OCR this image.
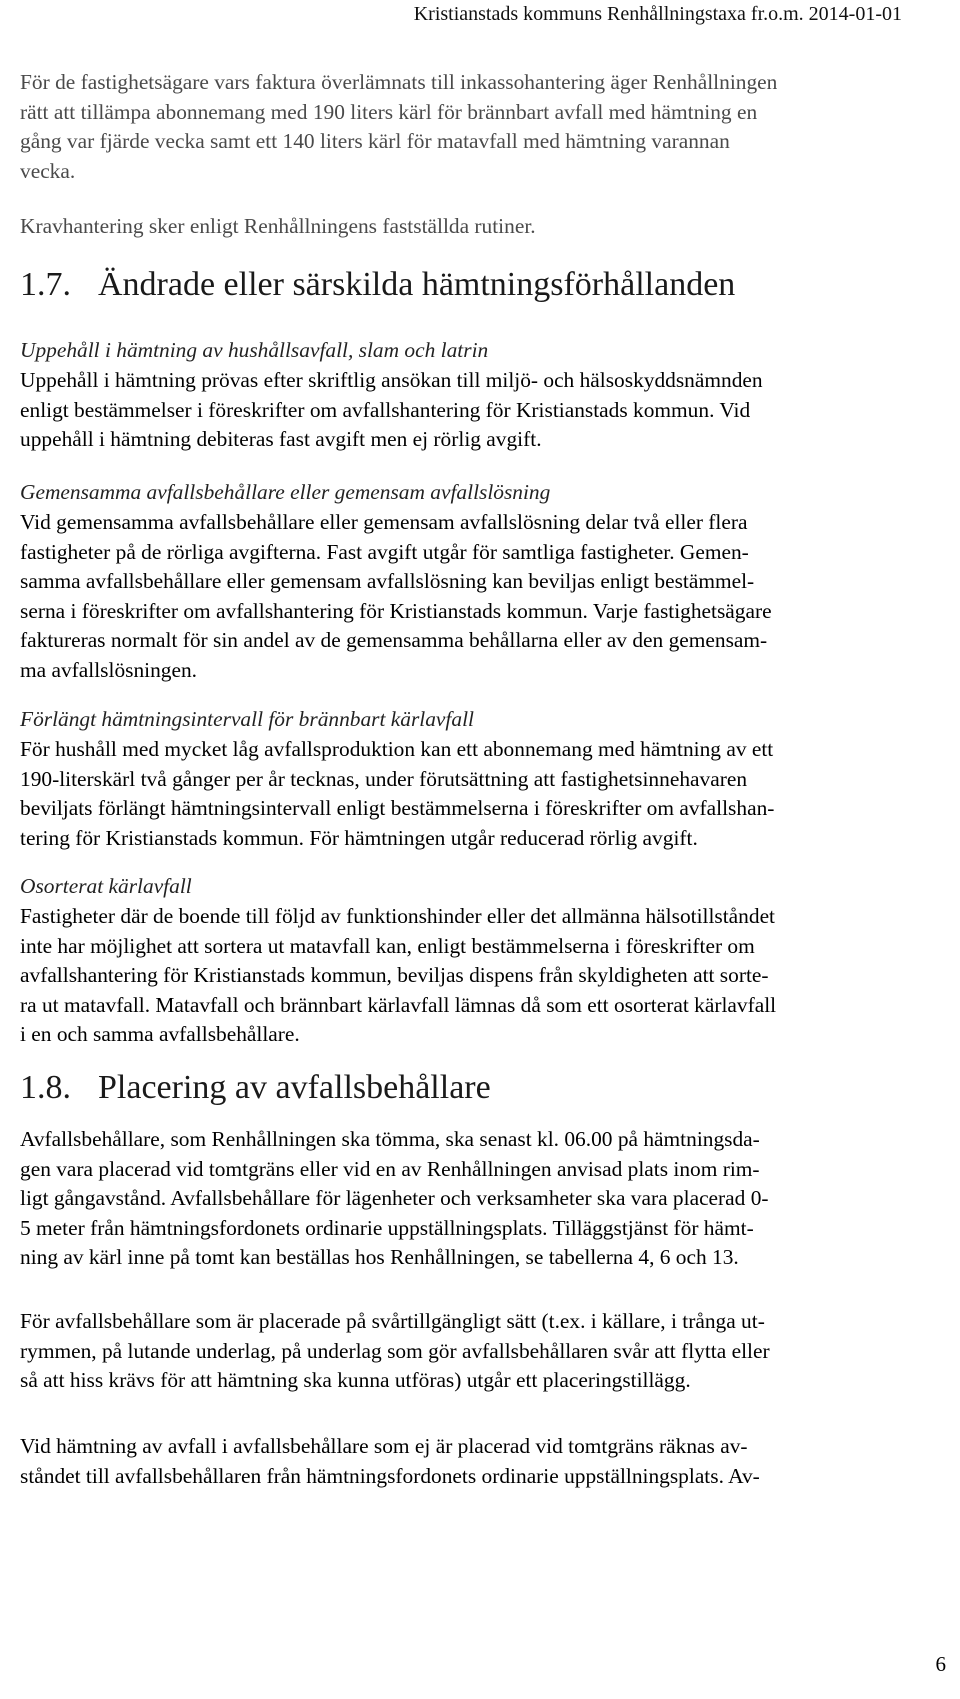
Kristianstads kommuns Renhållningstaxa fr.o.m. 2014-01-01
För de fastighetsägare vars faktura överlämnats till inkassohantering äger Renhållningen
rätt att tillämpa abonnemang med 190 liters kärl för brännbart avfall med hämtning en
gång var fjärde vecka samt ett 140 liters kärl för matavfall med hämtning varannan
vecka.
Kravhantering sker enligt Renhållningens fastställda rutiner.
1.7. Ändrade eller särskilda hämtningsförhållanden
Uppehåll i hämtning av hushållsavfall, slam och latrin
Uppehåll i hämtning prövas efter skriftlig ansökan till miljö- och hälsoskyddsnämnden
enligt bestämmelser i föreskrifter om avfallshantering för Kristianstads kommun. Vid
uppehåll i hämtning debiteras fast avgift men ej rörlig avgift.
Gemensamma avfallsbehållare eller gemensam avfallslösning
Vid gemensamma avfallsbehållare eller gemensam avfallslösning delar två eller flera
fastigheter på de rörliga avgifterna. Fast avgift utgår för samtliga fastigheter. Gemen-
samma avfallsbehållare eller gemensam avfallslösning kan beviljas enligt bestämmel-
serna i föreskrifter om avfallshantering för Kristianstads kommun. Varje fastighetsägare
faktureras normalt för sin andel av de gemensamma behållarna eller av den gemensam-
ma avfallslösningen.
Förlängt hämtningsintervall för brännbart kärlavfall
För hushåll med mycket låg avfallsproduktion kan ett abonnemang med hämtning av ett
190-literskärl två gånger per år tecknas, under förutsättning att fastighetsinnehavaren
beviljats förlängt hämtningsintervall enligt bestämmelserna i föreskrifter om avfallshan-
tering för Kristianstads kommun. För hämtningen utgår reducerad rörlig avgift.
Osorterat kärlavfall
Fastigheter där de boende till följd av funktionshinder eller det allmänna hälsotillståndet
inte har möjlighet att sortera ut matavfall kan, enligt bestämmelserna i föreskrifter om
avfallshantering för Kristianstads kommun, beviljas dispens från skyldigheten att sorte-
ra ut matavfall. Matavfall och brännbart kärlavfall lämnas då som ett osorterat kärlavfall
i en och samma avfallsbehållare.
1.8. Placering av avfallsbehållare
Avfallsbehållare, som Renhållningen ska tömma, ska senast kl. 06.00 på hämtningsda-
gen vara placerad vid tomtgräns eller vid en av Renhållningen anvisad plats inom rim-
ligt gångavstånd. Avfallsbehållare för lägenheter och verksamheter ska vara placerad 0-
5 meter från hämtningsfordonets ordinarie uppställningsplats. Tilläggstjänst för hämt-
ning av kärl inne på tomt kan beställas hos Renhållningen, se tabellerna 4, 6 och 13.
För avfallsbehållare som är placerade på svårtillgängligt sätt (t.ex. i källare, i trånga ut-
rymmen, på lutande underlag, på underlag som gör avfallsbehållaren svår att flytta eller
så att hiss krävs för att hämtning ska kunna utföras) utgår ett placeringstillägg.
Vid hämtning av avfall i avfallsbehållare som ej är placerad vid tomtgräns räknas av-
ståndet till avfallsbehållaren från hämtningsfordonets ordinarie uppställningsplats. Av-
6
